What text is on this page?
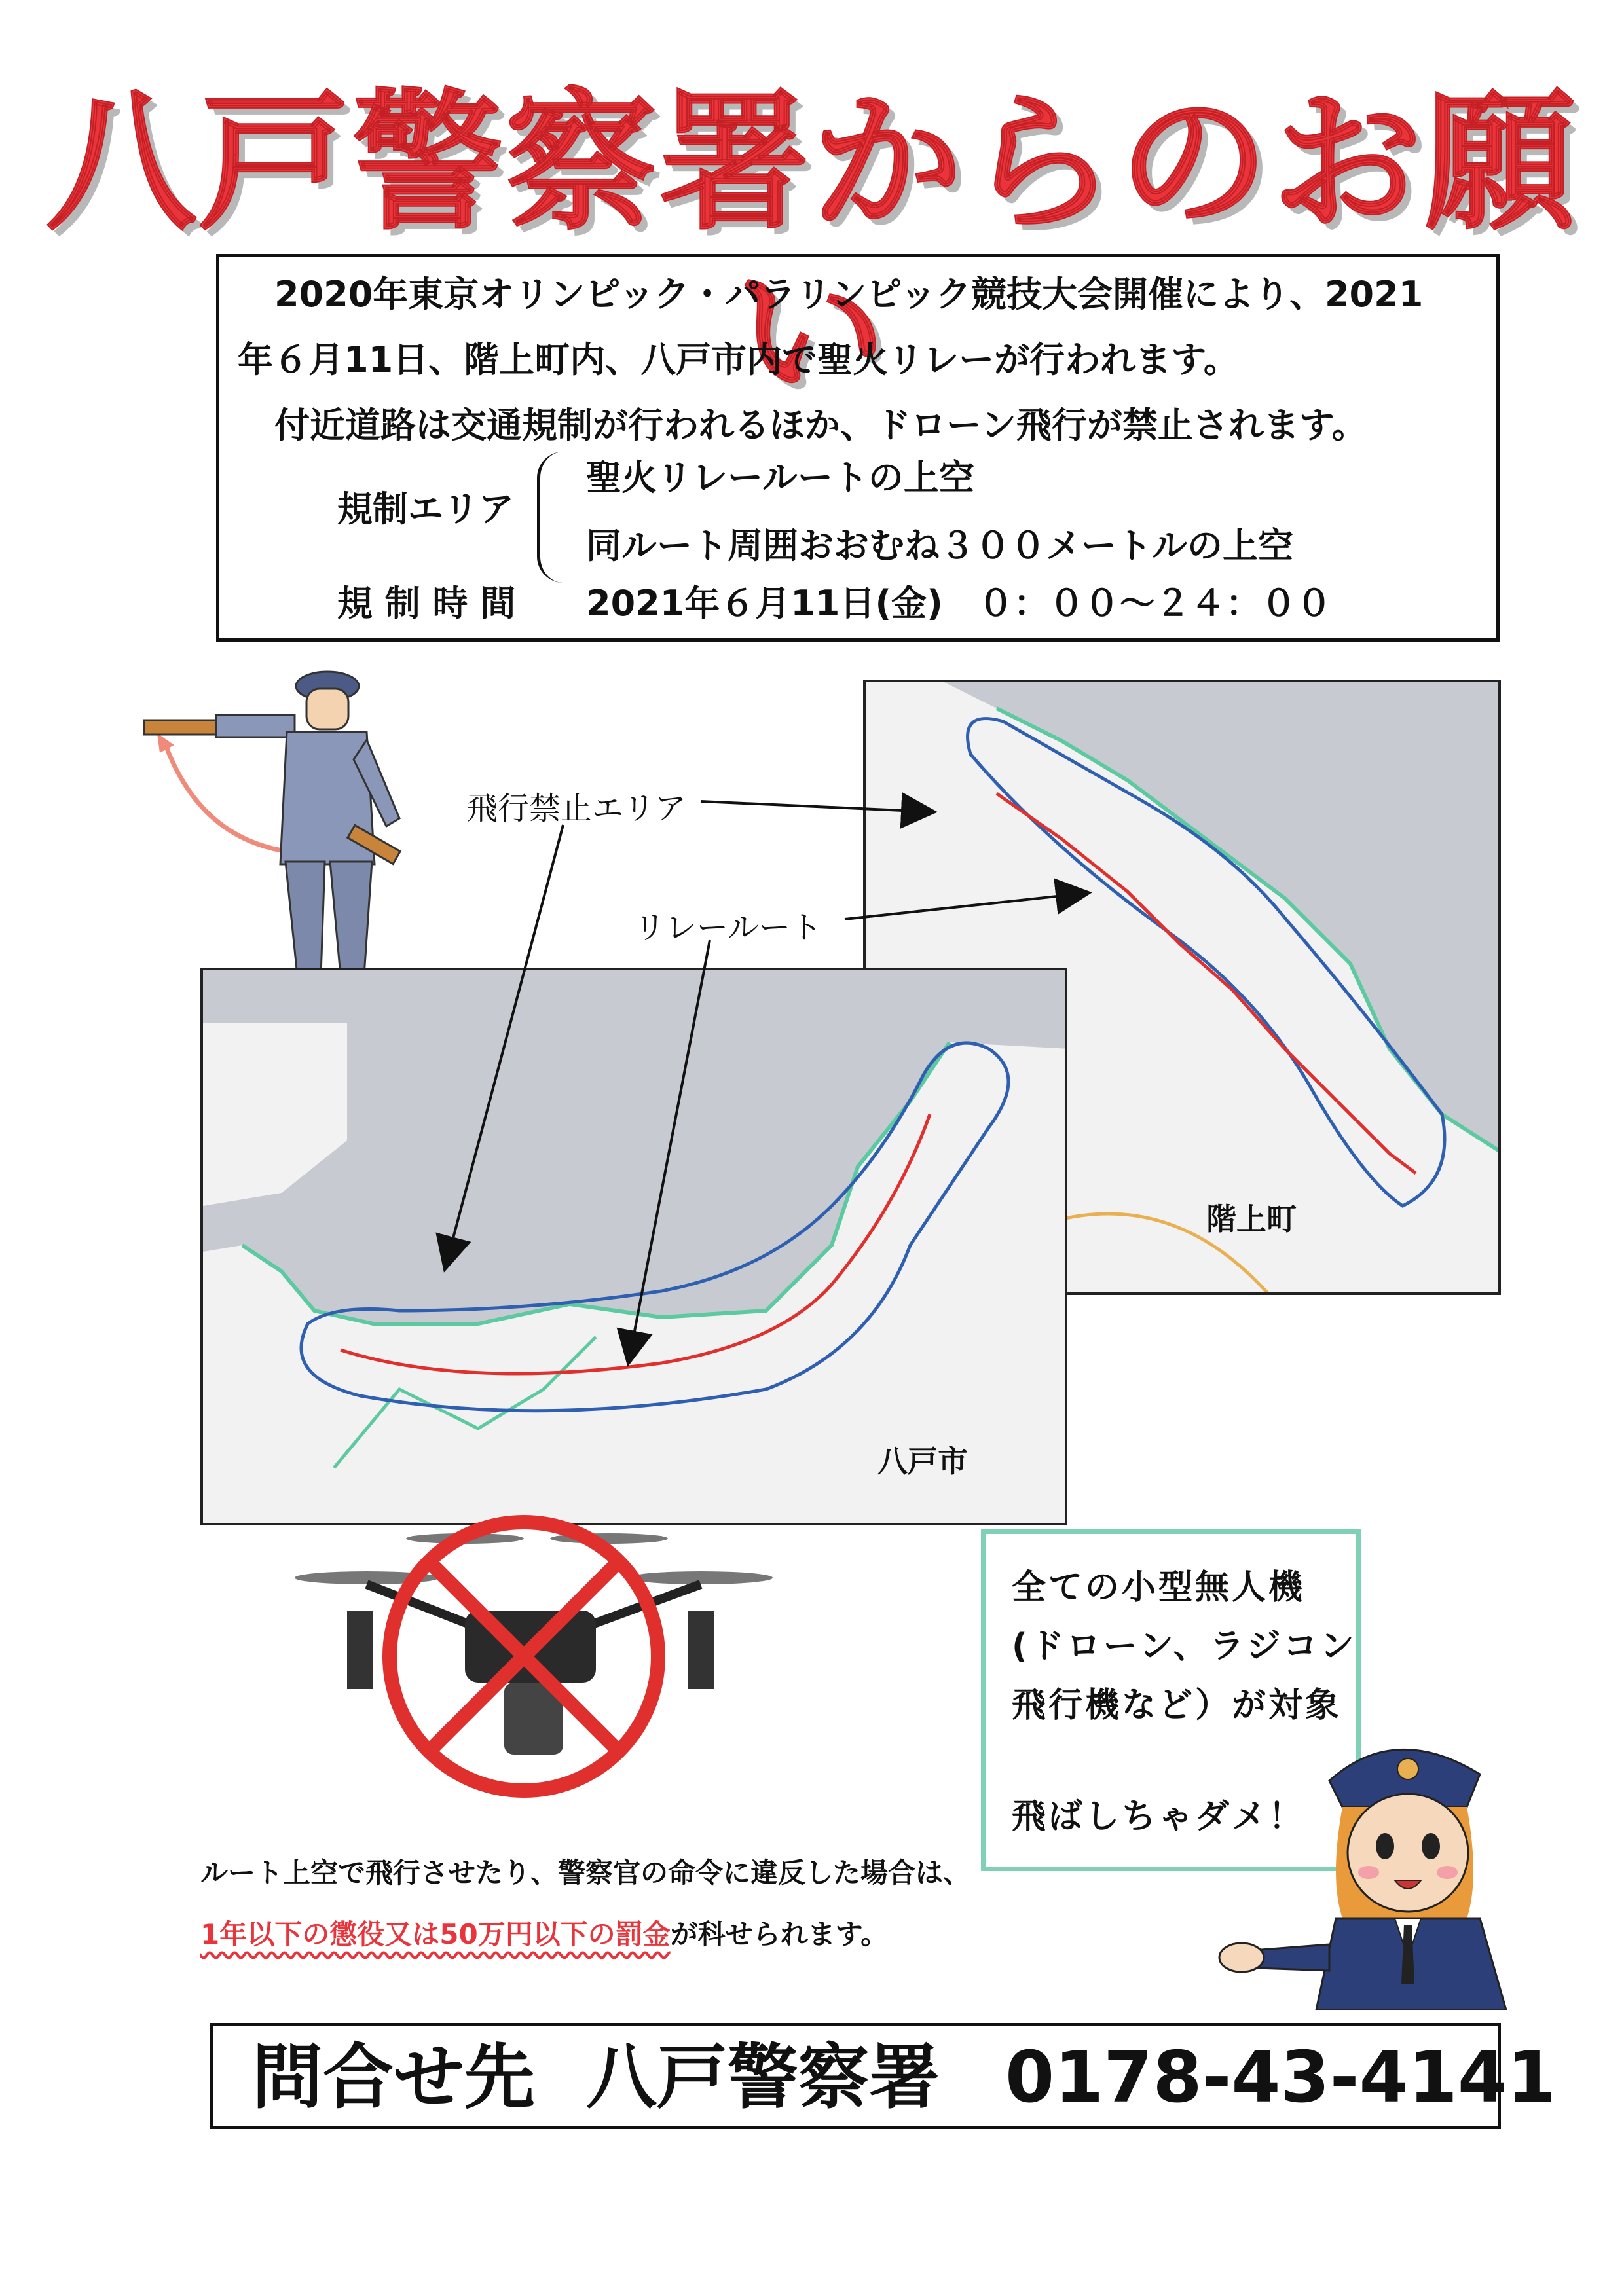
八戸警察署からのお願い
2020年東京オリンピック・パラリンピック競技大会開催により、2021
年６月11日、階上町内、八戸市内で聖火リレーが行われます。
付近道路は交通規制が行われるほか、ドローン飛行が禁止されます。
規制エリア
聖火リレールートの上空
同ルート周囲おおむね３００メートルの上空
規 制 時 間 2021年６月11日(金)　０：００～２４：００
階上町
八戸市
飛行禁止エリア
リレールート
全ての小型無人機
(ドローン、ラジコン
飛行機など）が対象
飛ばしちゃダメ！
ルート上空で飛行させたり、警察官の命令に違反した場合は、
1年以下の懲役又は50万円以下の罰金が科せられます。
問合せ先 八戸警察署 0178-43-4141
